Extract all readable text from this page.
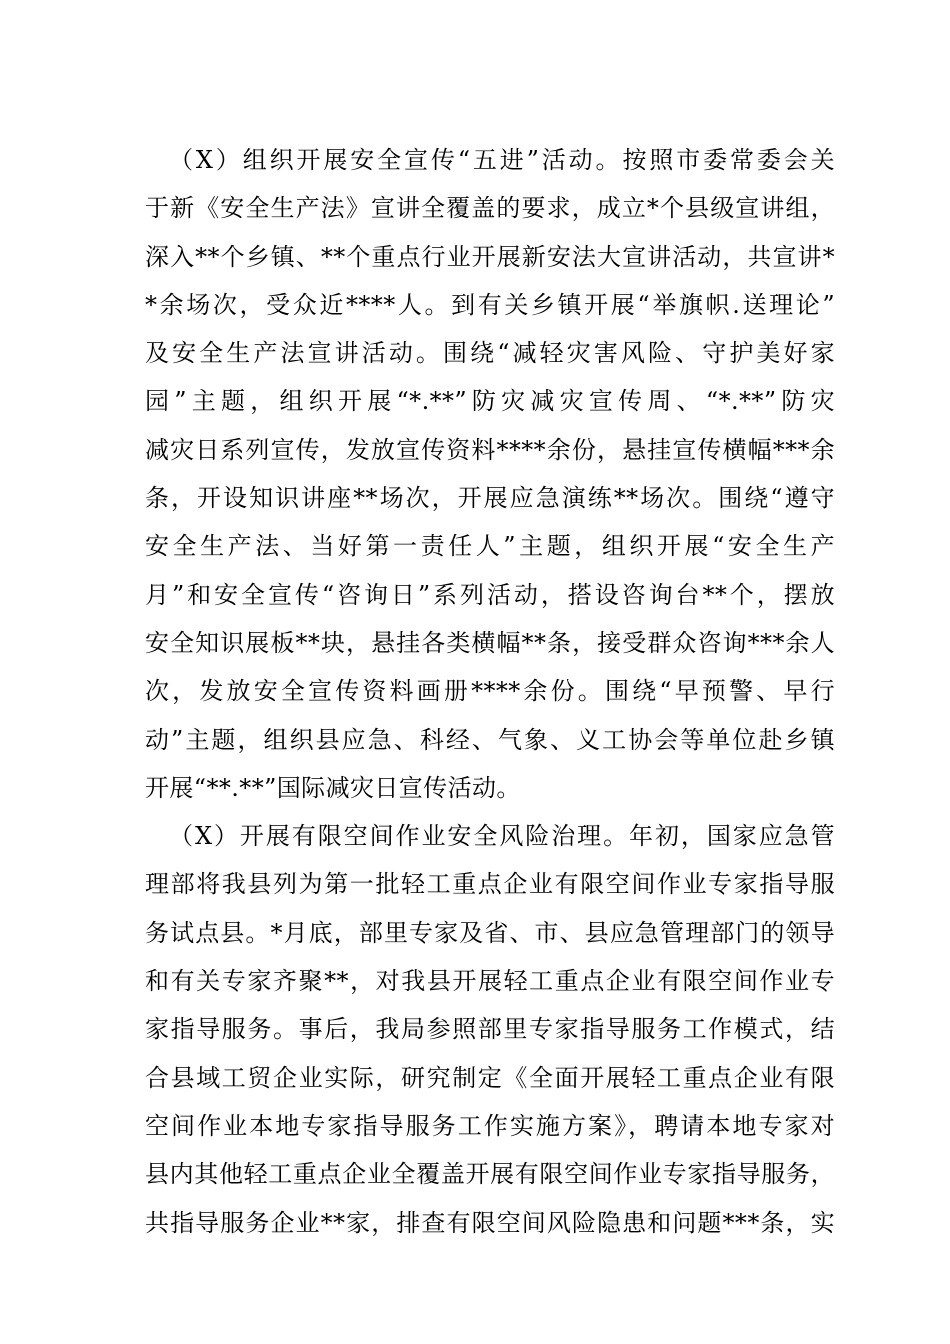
（X）组织开展安全宣传“五进”活动。按照市委常委会关
于新《安全生产法》宣讲全覆盖的要求，成立*个县级宣讲组，
深入**个乡镇、**个重点行业开展新安法大宣讲活动，共宣讲*
*余场次，受众近****人。到有关乡镇开展“举旗帜.送理论”
及安全生产法宣讲活动。围绕“减轻灾害风险、守护美好家
园”主题，组织开展“*.**”防灾减灾宣传周、“*.**”防灾
减灾日系列宣传，发放宣传资料****余份，悬挂宣传横幅***余
条，开设知识讲座**场次，开展应急演练**场次。围绕“遵守
安全生产法、当好第一责任人”主题，组织开展“安全生产
月”和安全宣传“咨询日”系列活动，搭设咨询台**个，摆放
安全知识展板**块，悬挂各类横幅**条，接受群众咨询***余人
次，发放安全宣传资料画册****余份。围绕“早预警、早行
动”主题，组织县应急、科经、气象、义工协会等单位赴乡镇
开展“**.**”国际减灾日宣传活动。
（X）开展有限空间作业安全风险治理。年初，国家应急管
理部将我县列为第一批轻工重点企业有限空间作业专家指导服
务试点县。*月底，部里专家及省、市、县应急管理部门的领导
和有关专家齐聚**，对我县开展轻工重点企业有限空间作业专
家指导服务。事后，我局参照部里专家指导服务工作模式，结
合县域工贸企业实际，研究制定《全面开展轻工重点企业有限
空间作业本地专家指导服务工作实施方案》，聘请本地专家对
县内其他轻工重点企业全覆盖开展有限空间作业专家指导服务，
共指导服务企业**家，排查有限空间风险隐患和问题***条，实
